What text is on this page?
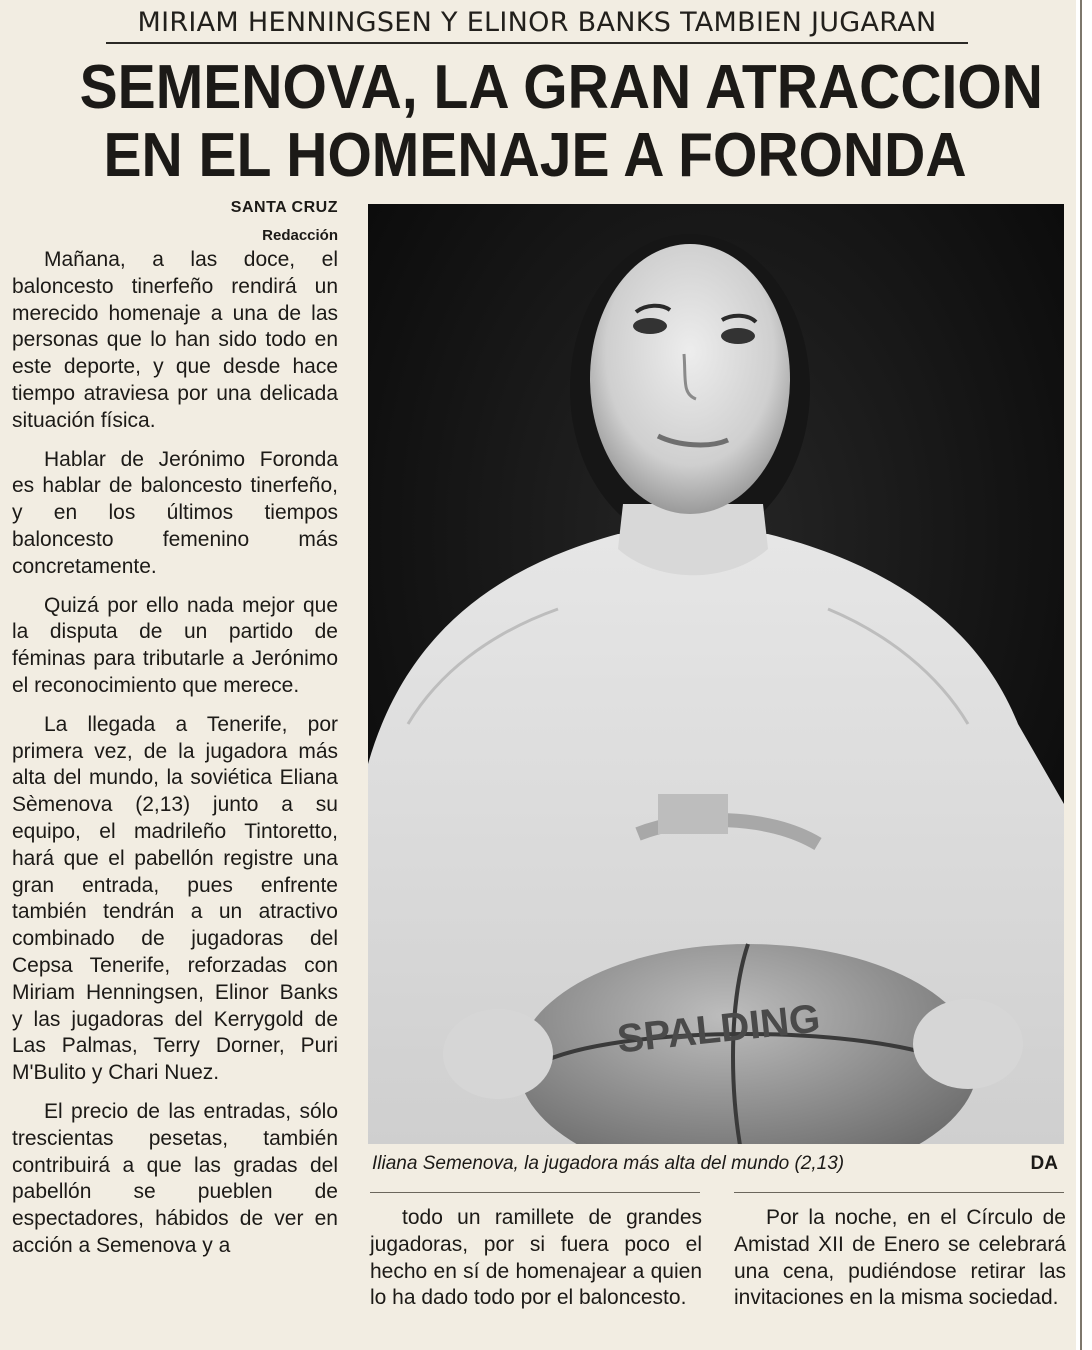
MIRIAM HENNINGSEN Y ELINOR BANKS TAMBIEN JUGARAN
SEMENOVA, LA GRAN ATRACCION
EN EL HOMENAJE A FORONDA
SANTA CRUZ
Redacción

Mañana, a las doce, el baloncesto tinerfeño rendirá un merecido homenaje a una de las personas que lo han sido todo en este deporte, y que desde hace tiempo atraviesa por una delicada situación física.

Hablar de Jerónimo Foronda es hablar de baloncesto tinerfeño, y en los últimos tiempos baloncesto femenino más concretamente.

Quizá por ello nada mejor que la disputa de un partido de féminas para tributarle a Jerónimo el reconocimiento que merece.

La llegada a Tenerife, por primera vez, de la jugadora más alta del mundo, la soviética Eliana Sèmenova (2,13) junto a su equipo, el madrileño Tintoretto, hará que el pabellón registre una gran entrada, pues enfrente también tendrán a un atractivo combinado de jugadoras del Cepsa Tenerife, reforzadas con Miriam Henningsen, Elinor Banks y las jugadoras del Kerrygold de Las Palmas, Terry Dorner, Puri M'Bulito y Chari Nuez.

El precio de las entradas, sólo trescientas pesetas, también contribuirá a que las gradas del pabellón se pueblen de espectadores, hábidos de ver en acción a Semenova y a

SPALDING
Iliana Semenova, la jugadora más alta del mundo (2,13)	DA

todo un ramillete de grandes jugadoras, por si fuera poco el hecho en sí de homenajear a quien lo ha dado todo por el baloncesto.

Por la noche, en el Círculo de Amistad XII de Enero se celebrará una cena, pudiéndose retirar las invitaciones en la misma sociedad.
